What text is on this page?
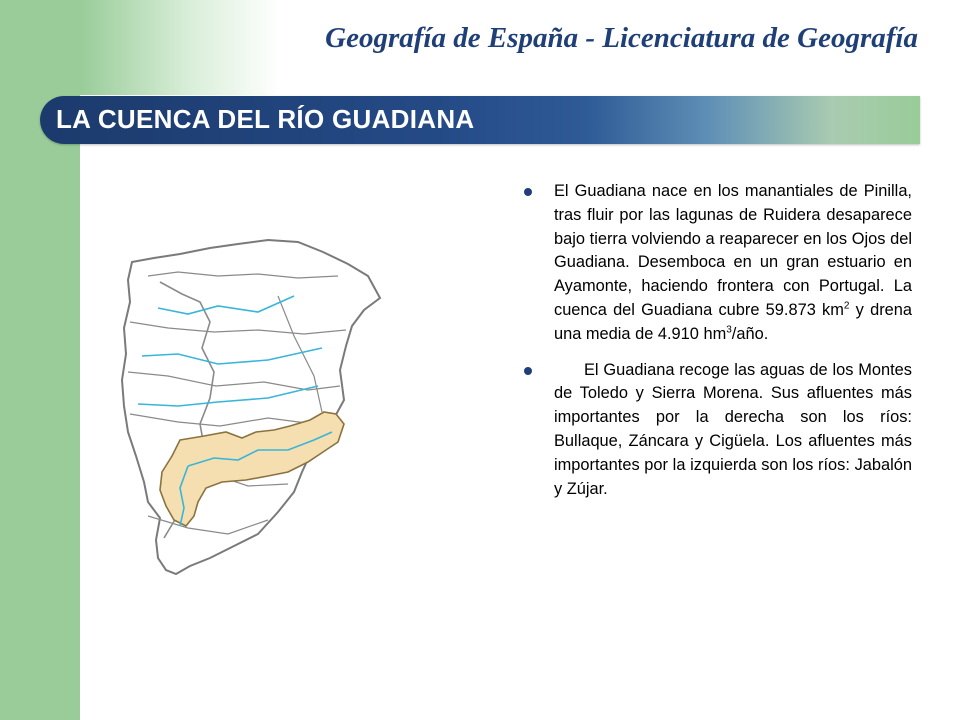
Geografía de España - Licenciatura de Geografía
LA CUENCA DEL RÍO GUADIANA
El Guadiana nace en los manantiales de Pinilla, tras fluir por las lagunas de Ruidera desaparece bajo tierra volviendo a reaparecer en los Ojos del Guadiana. Desemboca en un gran estuario en Ayamonte, haciendo frontera con Portugal. La cuenca del Guadiana cubre 59.873 $km^2$ y drena una media de 4.910 $hm^3$/año.
El Guadiana recoge las aguas de los Montes de Toledo y Sierra Morena. Sus afluentes más importantes por la derecha son los ríos: Bullaque, Záncara y Cigüela. Los afluentes más importantes por la izquierda son los ríos: Jabalón y Zújar.
